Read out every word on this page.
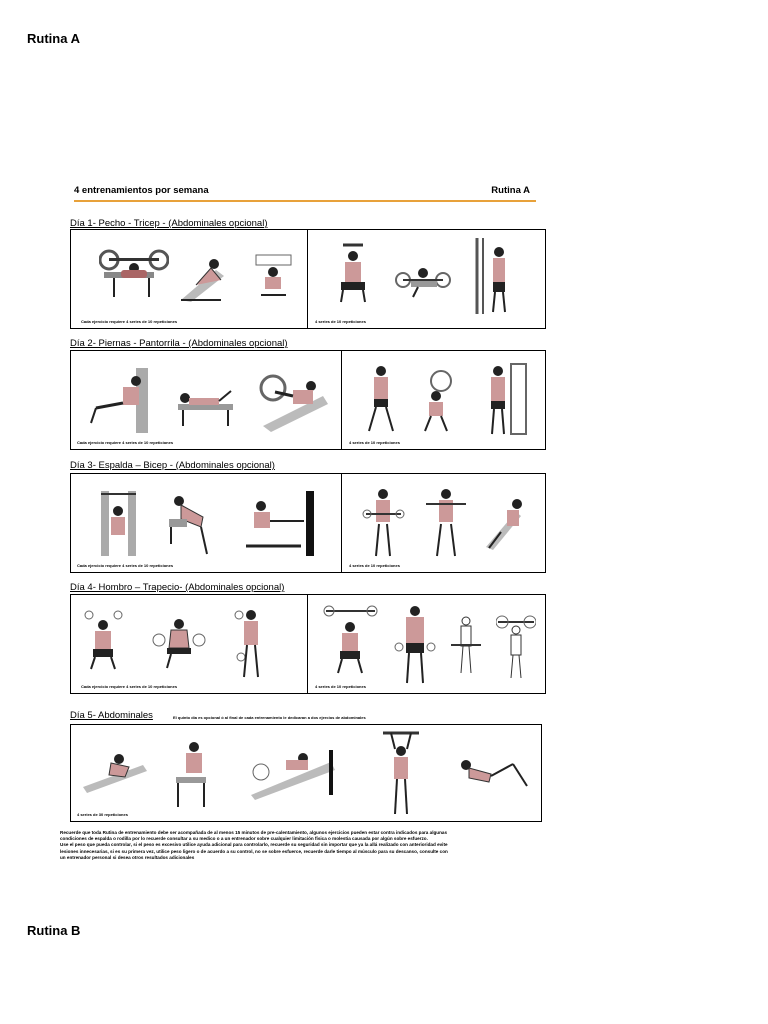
Rutina A
4 entrenamientos por semana	Rutina A
Día 1- Pecho - Tricep - (Abdominales opcional)
Cada ejercicio requiere 4 series de 10 repeticiones	4 series de 10 repeticiones
Día 2- Piernas - Pantorrila - (Abdominales opcional)
Cada ejercicio requiere 4 series de 10 repeticiones	4 series de 10 repeticiones
Día 3- Espalda – Bicep - (Abdominales opcional)
Cada ejercicio requiere 4 series de 10 repeticiones	4 series de 10 repeticiones
Día 4- Hombro – Trapecio- (Abdominales opcional)
Cada ejercicio requiere 4 series de 10 repeticiones	4 series de 10 repeticiones
Día 5- Abdominales	El quinto día es opcional ó al final de cada entrenamiento le dedicaran a dos ejercios de abdominales
4 series de 30 repeticiones
Recuerde que toda Rutina de entrenamiento debe ser acompañada de al menos 15 minutos de pre-calentamiento, algunos ejercicios pueden estar contra indicados para algunas
condiciones de espalda o rodilla por lo recuerde consultar a su medico o a un entrenador sobre cualquier limitación física o molestia causada por algún sobre esfuerzo.
Use el peso que pueda controlar, si el peso es excesivo utilice ayuda adicional para controlarlo, recuerde su seguridad sin importar que ya la allá realizado con anterioridad evite
lesiones innecesarias, si es su primera vez, utilice peso ligero o de acuerdo a su control, no se sobre esfuerce, recuerde darle tiempo al músculo para su descanso, consulte con
un entrenador personal si desea otros resultados adicionales
Rutina B
